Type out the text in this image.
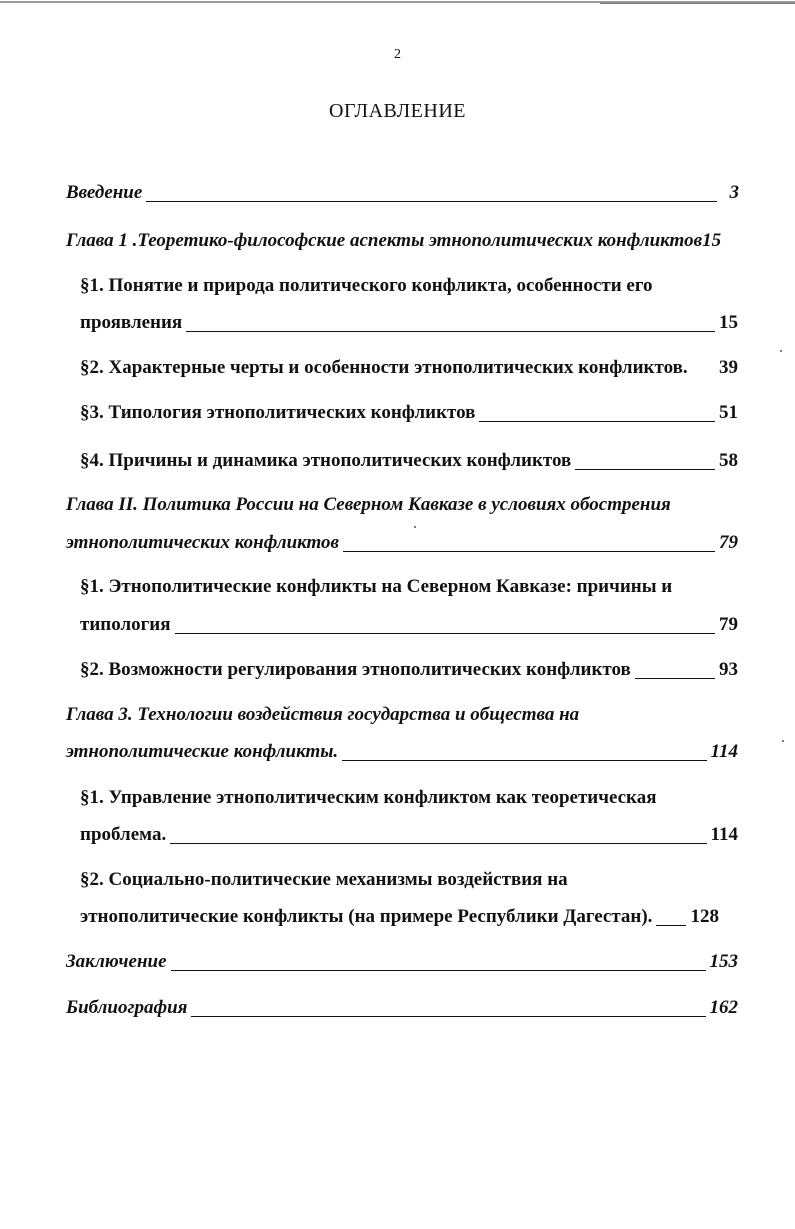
2
ОГЛАВЛЕНИЕ
Введение	3
Глава 1 .Теоретико-философские аспекты этнополитических конфликтов 15
§1. Понятие и природа политического конфликта, особенности его
проявления	15
§2. Характерные черты и особенности этнополитических конфликтов. 39
§3. Типология этнополитических конфликтов	51
§4. Причины и динамика этнополитических конфликтов	58
Глава II. Политика России на Северном Кавказе в условиях обострения
этнополитических конфликтов	79
§1. Этнополитические конфликты на Северном Кавказе: причины и
типология	79
§2. Возможности регулирования этнополитических конфликтов	93
Глава 3. Технологии воздействия государства и общества на
этнополитические конфликты.	114
§1. Управление этнополитическим конфликтом как теоретическая
проблема.	114
§2. Социально-политические механизмы воздействия на
этнополитические конфликты (на примере Республики Дагестан). 128
Заключение	153
Библиография	162
